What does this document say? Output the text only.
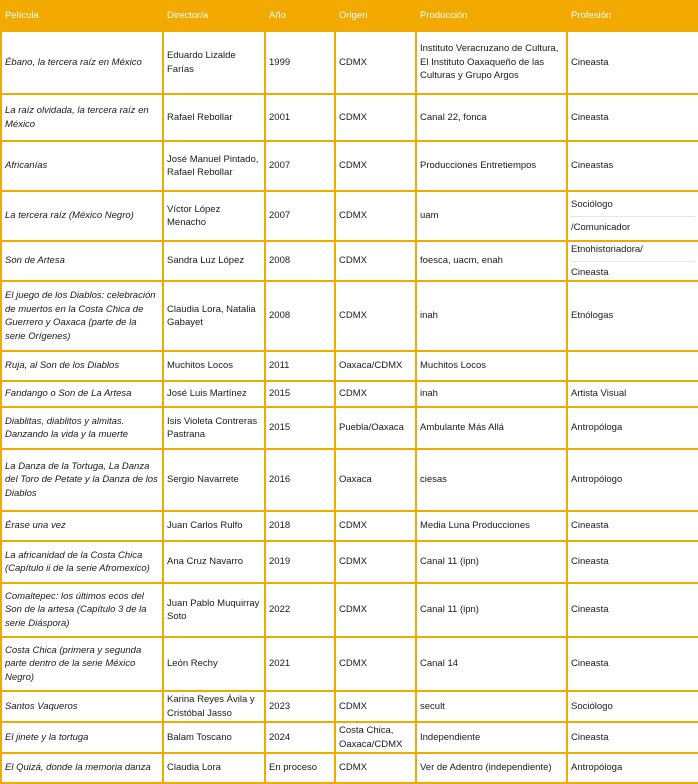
Película	Director/a	Año	Origen	Producción	Profesión
Ébano, la tercera raíz en México	Eduardo Lizalde Farías	1999	CDMX	Instituto Veracruzano de Cultura, El Instituto Oaxaqueño de las Culturas y Grupo Argos	Cineasta
La raíz olvidada, la tercera raíz en México	Rafael Rebollar	2001	CDMX	Canal 22, fonca	Cineasta
Africanías	José Manuel Pintado, Rafael Rebollar	2007	CDMX	Producciones Entretiempos	Cineastas
La tercera raíz (México Negro)	Víctor López Menacho	2007	CDMX	uam	Sociólogo
/Comunicador

Son de Artesa	Sandra Luz López	2008	CDMX	foesca, uacm, enah	Etnohistoriadora/
Cineasta

El juego de los Diablos: celebración de muertos en la Costa Chica de Guerrero y Oaxaca (parte de la serie Orígenes)	Claudia Lora, Natalia Gabayet	2008	CDMX	inah	Etnólogas
Ruja, al Son de los Diablos	Muchitos Locos	2011	Oaxaca/CDMX	Muchitos Locos	
Fandango o Son de La Artesa	José Luis Martínez	2015	CDMX	inah	Artista Visual
Diablitas, diablitos y almitas. Danzando la vida y la muerte	Isis Violeta Contreras Pastrana	2015	Puebla/Oaxaca	Ambulante Más Allá	Antropóloga
La Danza de la Tortuga, La Danza del Toro de Petate y la Danza de los Diablos	Sergio Navarrete	2016	Oaxaca	ciesas	Antropólogo
Érase una vez	Juan Carlos Rulfo	2018	CDMX	Media Luna Producciones	Cineasta
La africanidad de la Costa Chica (Capítulo ii de la serie Afromexico)	Ana Cruz Navarro	2019	CDMX	Canal 11 (ipn)	Cineasta
Comaltepec: los últimos ecos del Son de la artesa (Capítulo 3 de la serie Diáspora)	Juan Pablo Muquirray Soto	2022	CDMX	Canal 11 (ipn)	Cineasta
Costa Chica (primera y segunda parte dentro de la serie México Negro)	León Rechy	2021	CDMX	Canal 14	Cineasta
Santos Vaqueros	Karina Reyes Ávila y Cristóbal Jasso	2023	CDMX	secult	Sociólogo
El jinete y la tortuga	Balam Toscano	2024	Costa Chica, Oaxaca/CDMX	Independiente	Cineasta
El Quizá, donde la memoria danza	Claudia Lora	En proceso	CDMX	Ver de Adentro (independiente)	Antropóloga
